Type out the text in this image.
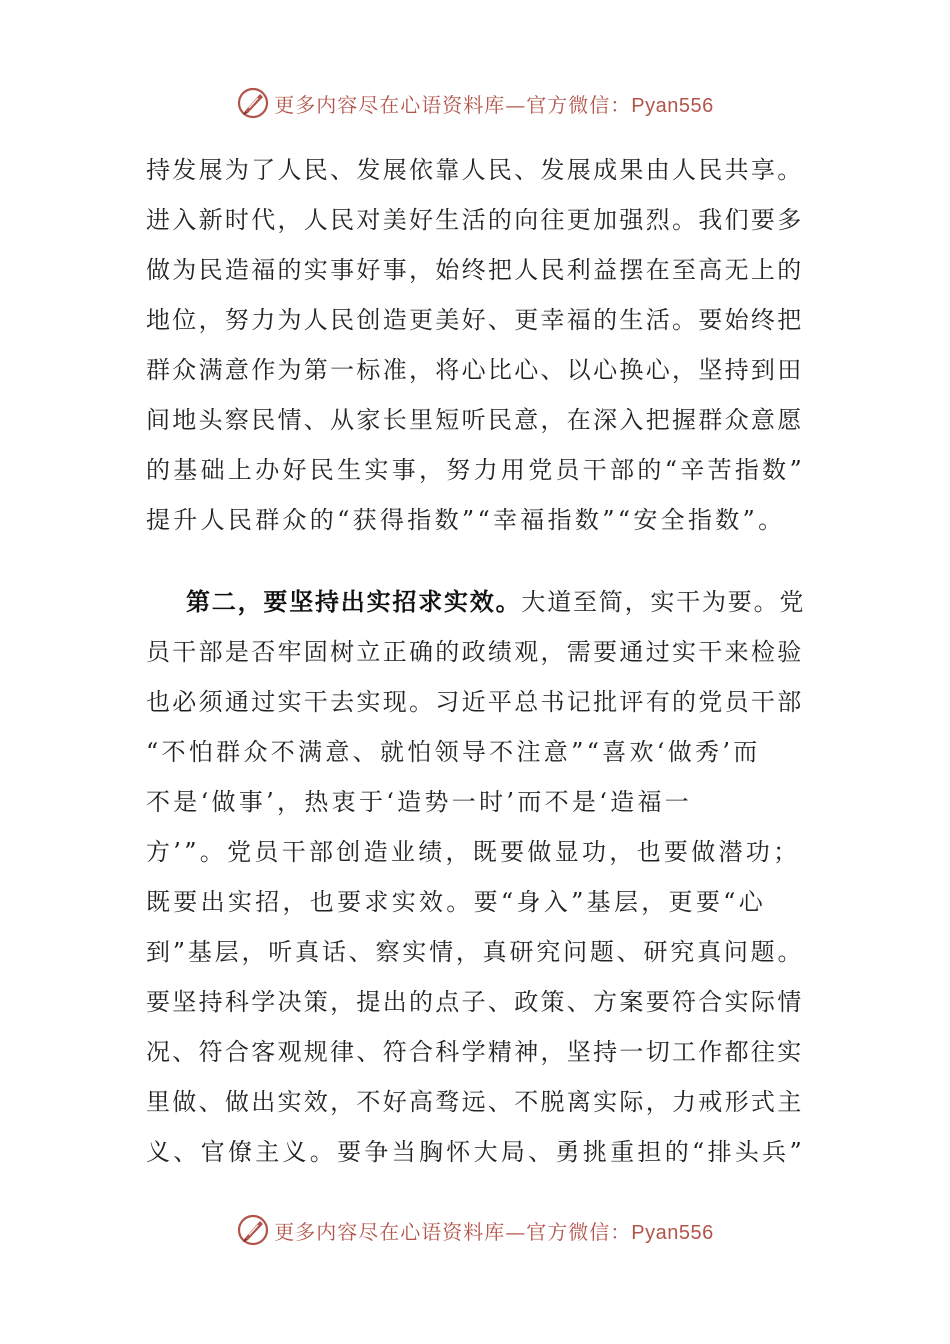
更多内容尽在心语资料库—官方微信：Pyan556
持发展为了人民、发展依靠人民、发展成果由人民共享。
进入新时代，人民对美好生活的向往更加强烈。我们要多
做为民造福的实事好事，始终把人民利益摆在至高无上的
地位，努力为人民创造更美好、更幸福的生活。要始终把
群众满意作为第一标准，将心比心、以心换心，坚持到田
间地头察民情、从家长里短听民意，在深入把握群众意愿
的基础上办好民生实事，努力用党员干部的“辛苦指数”
提升人民群众的“获得指数”“幸福指数”“安全指数”。
第二，要坚持出实招求实效。大道至简，实干为要。党
员干部是否牢固树立正确的政绩观，需要通过实干来检验
也必须通过实干去实现。习近平总书记批评有的党员干部
“不怕群众不满意、就怕领导不注意”“喜欢‘做秀’而
不是‘做事’，热衷于‘造势一时’而不是‘造福一
方’”。党员干部创造业绩，既要做显功，也要做潜功；
既要出实招，也要求实效。要“身入”基层，更要“心
到”基层，听真话、察实情，真研究问题、研究真问题。
要坚持科学决策，提出的点子、政策、方案要符合实际情
况、符合客观规律、符合科学精神，坚持一切工作都往实
里做、做出实效，不好高骛远、不脱离实际，力戒形式主
义、官僚主义。要争当胸怀大局、勇挑重担的“排头兵”
更多内容尽在心语资料库—官方微信：Pyan556
